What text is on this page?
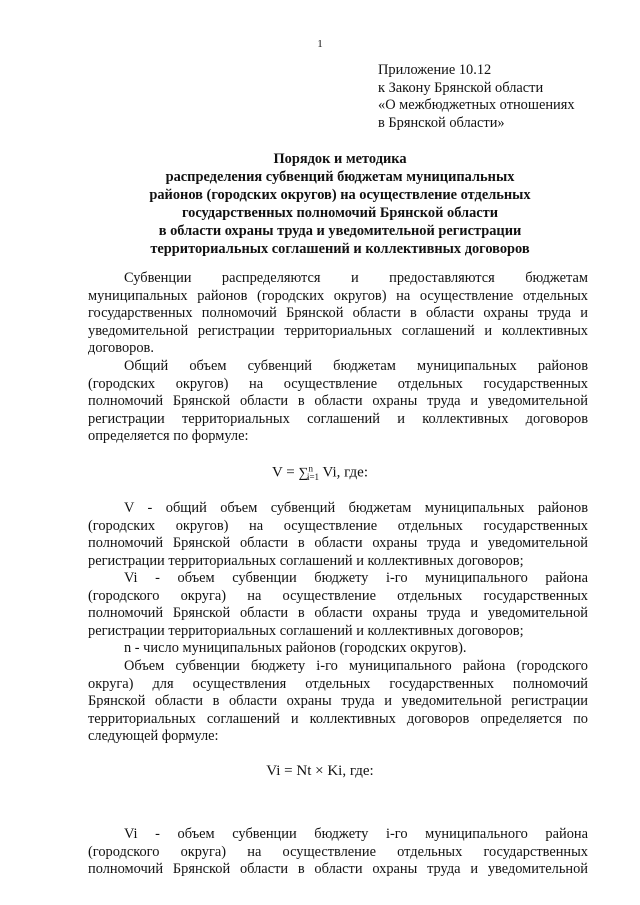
1
Приложение 10.12
к Закону Брянской области
«О межбюджетных отношениях
в Брянской области»
Порядок и методика
распределения субвенций бюджетам муниципальных
районов (городских округов) на осуществление отдельных
государственных полномочий Брянской области
в области охраны труда и уведомительной регистрации
территориальных соглашений и коллективных договоров
Субвенции распределяются и предоставляются бюджетам
муниципальных районов (городских округов) на осуществление отдельных
государственных полномочий Брянской области в области охраны труда и
уведомительной регистрации территориальных соглашений и коллективных
договоров.
Общий объем субвенций бюджетам муниципальных районов
(городских округов) на осуществление отдельных государственных
полномочий Брянской области в области охраны труда и уведомительной
регистрации территориальных соглашений и коллективных договоров
определяется по формуле:
V = ∑$^n_{i=1}$ Vi, где:
V - общий объем субвенций бюджетам муниципальных районов
(городских округов) на осуществление отдельных государственных
полномочий Брянской области в области охраны труда и уведомительной
регистрации территориальных соглашений и коллективных договоров;
Vi - объем субвенции бюджету i-го муниципального района
(городского округа) на осуществление отдельных государственных
полномочий Брянской области в области охраны труда и уведомительной
регистрации территориальных соглашений и коллективных договоров;
n - число муниципальных районов (городских округов).
Объем субвенции бюджету i-го муниципального района (городского
округа) для осуществления отдельных государственных полномочий
Брянской области в области охраны труда и уведомительной регистрации
территориальных соглашений и коллективных договоров определяется по
следующей формуле:
Vi = Nt × Ki, где:
Vi - объем субвенции бюджету i-го муниципального района
(городского округа) на осуществление отдельных государственных
полномочий Брянской области в области охраны труда и уведомительной
